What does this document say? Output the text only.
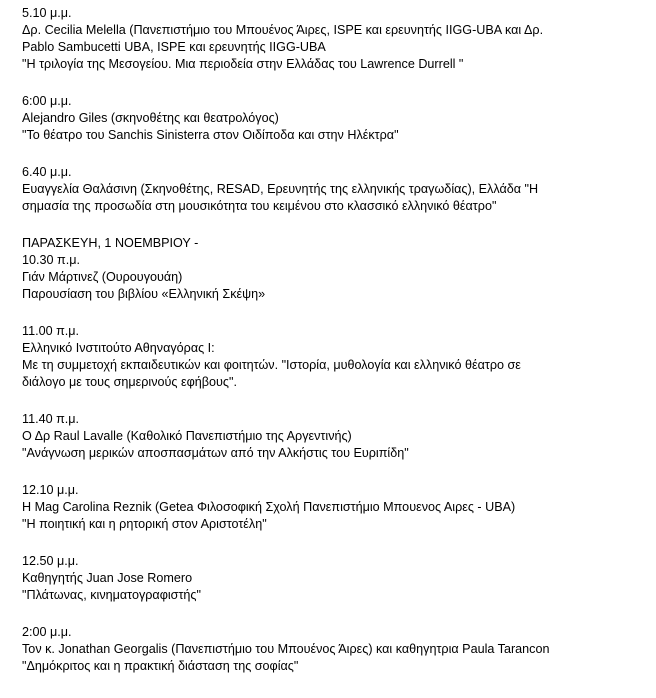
5.10 μ.μ.
Δρ. Cecilia Melella (Πανεπιστήμιο του Μπουένος Άιρες, ISPE και ερευνητής IIGG-UBA και Δρ.
Pablo Sambucetti UBA, ISPE και ερευνητής IIGG-UBA
"Η τριλογία της Μεσογείου. Μια περιοδεία στην Ελλάδας του Lawrence Durrell "
6:00 μ.μ.
Alejandro Giles (σκηνοθέτης και θεατρολόγος)
"Το θέατρο του Sanchis Sinisterra στον Οιδίποδα και στην Ηλέκτρα"
6.40 μ.μ.
Ευαγγελία Θαλάσινη (Σκηνοθέτης, RESAD, Ερευνητής της ελληνικής τραγωδίας), Ελλάδα "Η
σημασία της προσωδία στη μουσικότητα του κειμένου στο κλασσικό ελληνικό θέατρο"
ΠΑΡΑΣΚΕΥΗ, 1 ΝΟΕΜΒΡΙΟΥ -
10.30 π.μ.
Γιάν Μάρτινεζ (Ουρουγουάη)
Παρουσίαση του βιβλίου «Ελληνική Σκέψη»
11.00 π.μ.
Ελληνικό Ινστιτούτο Αθηναγόρας Ι:
Με τη συμμετοχή εκπαιδευτικών και φοιτητών. "Ιστορία, μυθολογία και ελληνικό θέατρο σε
διάλογο με τους σημερινούς εφήβους".
11.40 π.μ.
Ο Δρ Raul Lavalle (Καθολικό Πανεπιστήμιο της Αργεντινής)
"Ανάγνωση μερικών αποσπασμάτων από την Αλκήστις του Ευριπίδη"
12.10 μ.μ.
Η Mag Carolina Reznik (Getea Φιλοσοφική Σχολή Πανεπιστήμιο Μπουενος Αιρες - UBA)
"Η ποιητική και η ρητορική στον Αριστοτέλη"
12.50 μ.μ.
Καθηγητής Juan Jose Romero
"Πλάτωνας, κινηματογραφιστής"
2:00 μ.μ.
Τον κ. Jonathan Georgalis (Πανεπιστήμιο του Μπουένος Άιρες) και καθηγητρια Paula Tarancon
"Δημόκριτος και η πρακτική διάσταση της σοφίας"
